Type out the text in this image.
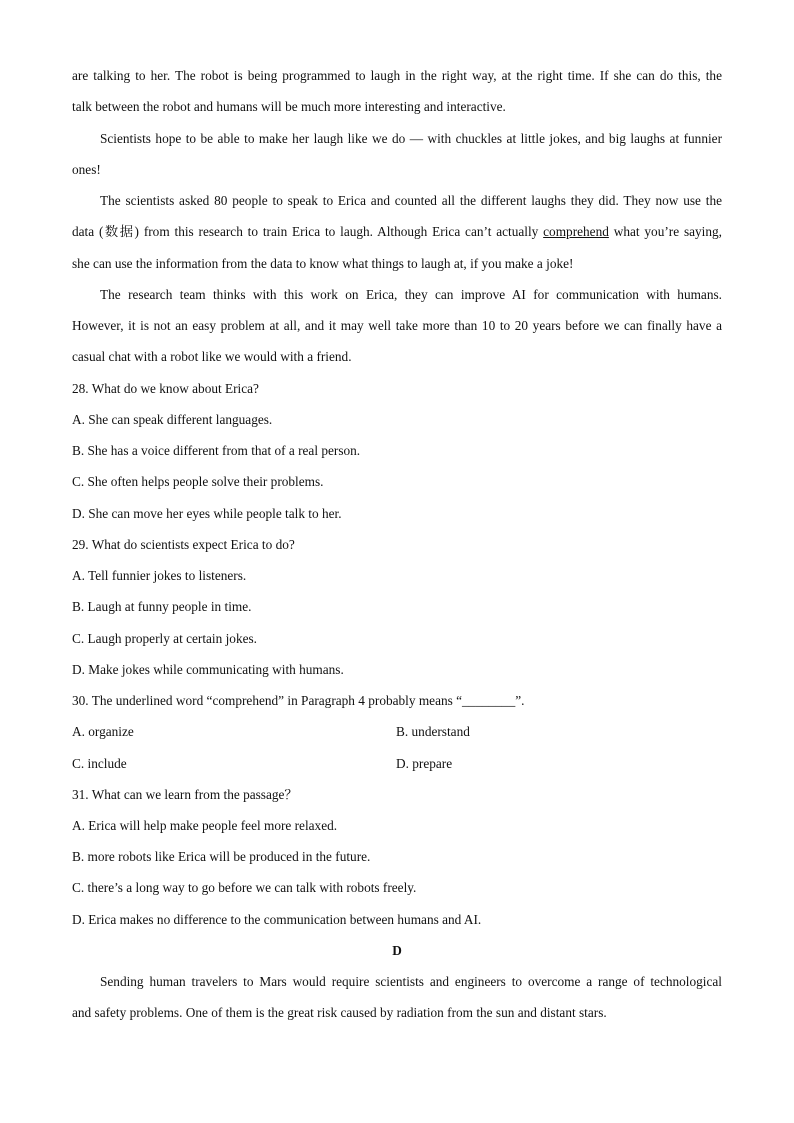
are talking to her. The robot is being programmed to laugh in the right way, at the right time. If she can do this, the
talk between the robot and humans will be much more interesting and interactive.
Scientists hope to be able to make her laugh like we do — with chuckles at little jokes, and big laughs at funnier
ones!
The scientists asked 80 people to speak to Erica and counted all the different laughs they did. They now use the
data (数据) from this research to train Erica to laugh. Although Erica can’t actually comprehend what you’re saying,
she can use the information from the data to know what things to laugh at, if you make a joke!
The research team thinks with this work on Erica, they can improve AI for communication with humans.
However, it is not an easy problem at all, and it may well take more than 10 to 20 years before we can finally have a
casual chat with a robot like we would with a friend.
28. What do we know about Erica?
A. She can speak different languages.
B. She has a voice different from that of a real person.
C. She often helps people solve their problems.
D. She can move her eyes while people talk to her.
29. What do scientists expect Erica to do?
A. Tell funnier jokes to listeners.
B. Laugh at funny people in time.
C. Laugh properly at certain jokes.
D. Make jokes while communicating with humans.
30. The underlined word “comprehend” in Paragraph 4 probably means “________”.
A. organize	B. understand
C. include	D. prepare
31. What can we learn from the passage？
A. Erica will help make people feel more relaxed.
B. more robots like Erica will be produced in the future.
C. there’s a long way to go before we can talk with robots freely.
D. Erica makes no difference to the communication between humans and AI.
D
Sending human travelers to Mars would require scientists and engineers to overcome a range of technological
and safety problems. One of them is the great risk caused by radiation from the sun and distant stars.
